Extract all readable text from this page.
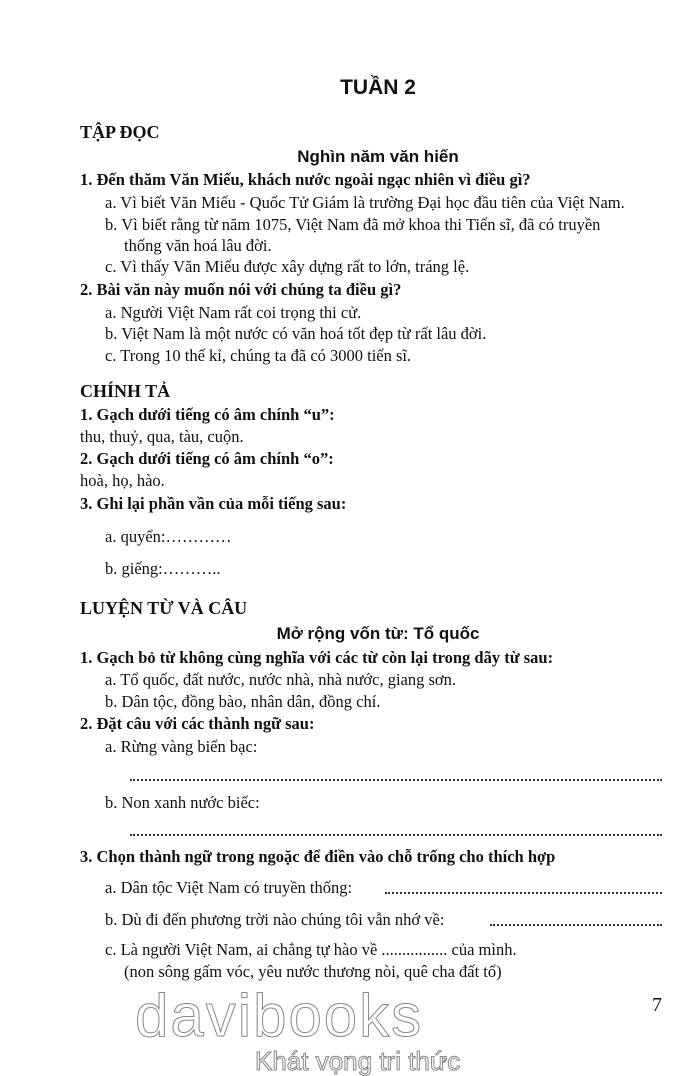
TUẦN 2
TẬP ĐỌC
Nghìn năm văn hiến
1. Đến thăm Văn Miếu, khách nước ngoài ngạc nhiên vì điều gì?
a. Vì biết Văn Miếu - Quốc Tử Giám là trường Đại học đầu tiên của Việt Nam.
b. Vì biết rằng từ năm 1075, Việt Nam đã mở khoa thi Tiến sĩ, đã có truyền
thống văn hoá lâu đời.
c. Vì thấy Văn Miếu được xây dựng rất to lớn, tráng lệ.
2. Bài văn này muốn nói với chúng ta điều gì?
a. Người Việt Nam rất coi trọng thi cử.
b. Việt Nam là một nước có văn hoá tốt đẹp từ rất lâu đời.
c. Trong 10 thế kỉ, chúng ta đã có 3000 tiến sĩ.
CHÍNH TẢ
1. Gạch dưới tiếng có âm chính “u”:
thu, thuỷ, qua, tàu, cuộn.
2. Gạch dưới tiếng có âm chính “o”:
hoà, họ, hào.
3. Ghi lại phần vần của mỗi tiếng sau:
a. quyển:…………
b. giếng:………..
LUYỆN TỪ VÀ CÂU
Mở rộng vốn từ: Tổ quốc
1. Gạch bỏ từ không cùng nghĩa với các từ còn lại trong dãy từ sau:
a. Tổ quốc, đất nước, nước nhà, nhà nước, giang sơn.
b. Dân tộc, đồng bào, nhân dân, đồng chí.
2. Đặt câu với các thành ngữ sau:
a. Rừng vàng biển bạc:
b. Non xanh nước biếc:
3. Chọn thành ngữ trong ngoặc để điền vào chỗ trống cho thích hợp
a. Dân tộc Việt Nam có truyền thống:
b. Dù đi đến phương trời nào chúng tôi vẫn nhớ về:
c. Là người Việt Nam, ai chẳng tự hào về ................ của mình.
(non sông gấm vóc, yêu nước thương nòi, quê cha đất tổ)
davibooks
Khát vọng tri thức
7
